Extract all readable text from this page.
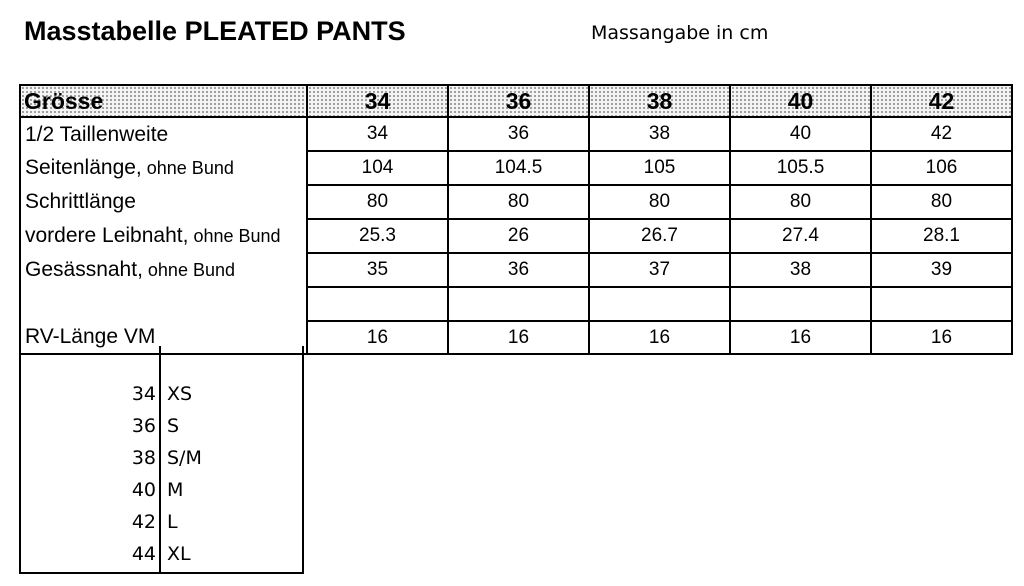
Masstabelle PLEATED PANTS	Massangabe in cm
Grösse	34	36	38	40	42
1/2 Taillenweite	34	36	38	40	42
Seitenlänge, ohne Bund	104	104.5	105	105.5	106
Schrittlänge	80	80	80	80	80
vordere Leibnaht, ohne Bund	25.3	26	26.7	27.4	28.1
Gesässnaht, ohne Bund	35	36	37	38	39

RV-Länge VM	16	16	16	16	16
34 XS
36 S
38 S/M
40 M
42 L
44 XL
